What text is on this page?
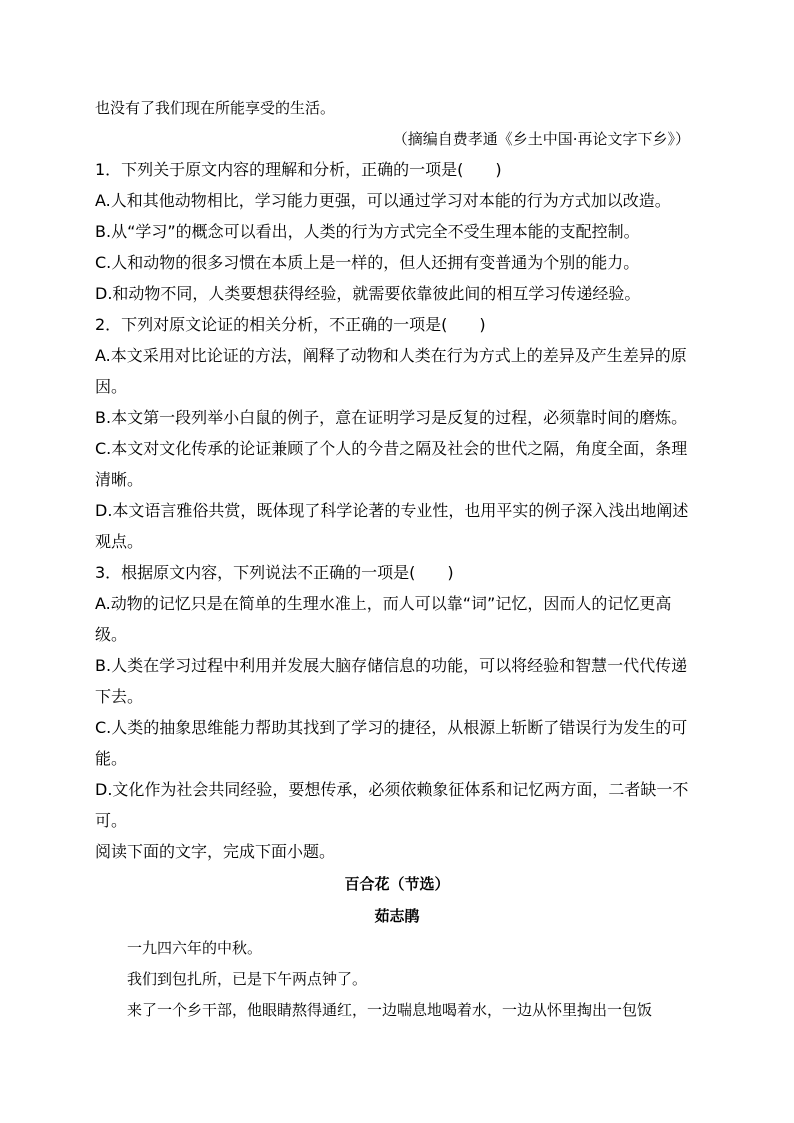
也没有了我们现在所能享受的生活。
（摘编自费孝通《乡土中国·再论文字下乡》）
1．下列关于原文内容的理解和分析，正确的一项是(　　)
A.人和其他动物相比，学习能力更强，可以通过学习对本能的行为方式加以改造。
B.从“学习”的概念可以看出，人类的行为方式完全不受生理本能的支配控制。
C.人和动物的很多习惯在本质上是一样的，但人还拥有变普通为个别的能力。
D.和动物不同，人类要想获得经验，就需要依靠彼此间的相互学习传递经验。
2．下列对原文论证的相关分析，不正确的一项是(　　)
A.本文采用对比论证的方法，阐释了动物和人类在行为方式上的差异及产生差异的原
因。
B.本文第一段列举小白鼠的例子，意在证明学习是反复的过程，必须靠时间的磨炼。
C.本文对文化传承的论证兼顾了个人的今昔之隔及社会的世代之隔，角度全面，条理
清晰。
D.本文语言雅俗共赏，既体现了科学论著的专业性，也用平实的例子深入浅出地阐述
观点。
3．根据原文内容，下列说法不正确的一项是(　　)
A.动物的记忆只是在简单的生理水准上，而人可以靠“词”记忆，因而人的记忆更高
级。
B.人类在学习过程中利用并发展大脑存储信息的功能，可以将经验和智慧一代代传递
下去。
C.人类的抽象思维能力帮助其找到了学习的捷径，从根源上斩断了错误行为发生的可
能。
D.文化作为社会共同经验，要想传承，必须依赖象征体系和记忆两方面，二者缺一不
可。
阅读下面的文字，完成下面小题。
百合花（节选）
茹志鹃
一九四六年的中秋。
我们到包扎所，已是下午两点钟了。
来了一个乡干部，他眼睛熬得通红，一边喘息地喝着水，一边从怀里掏出一包饭
